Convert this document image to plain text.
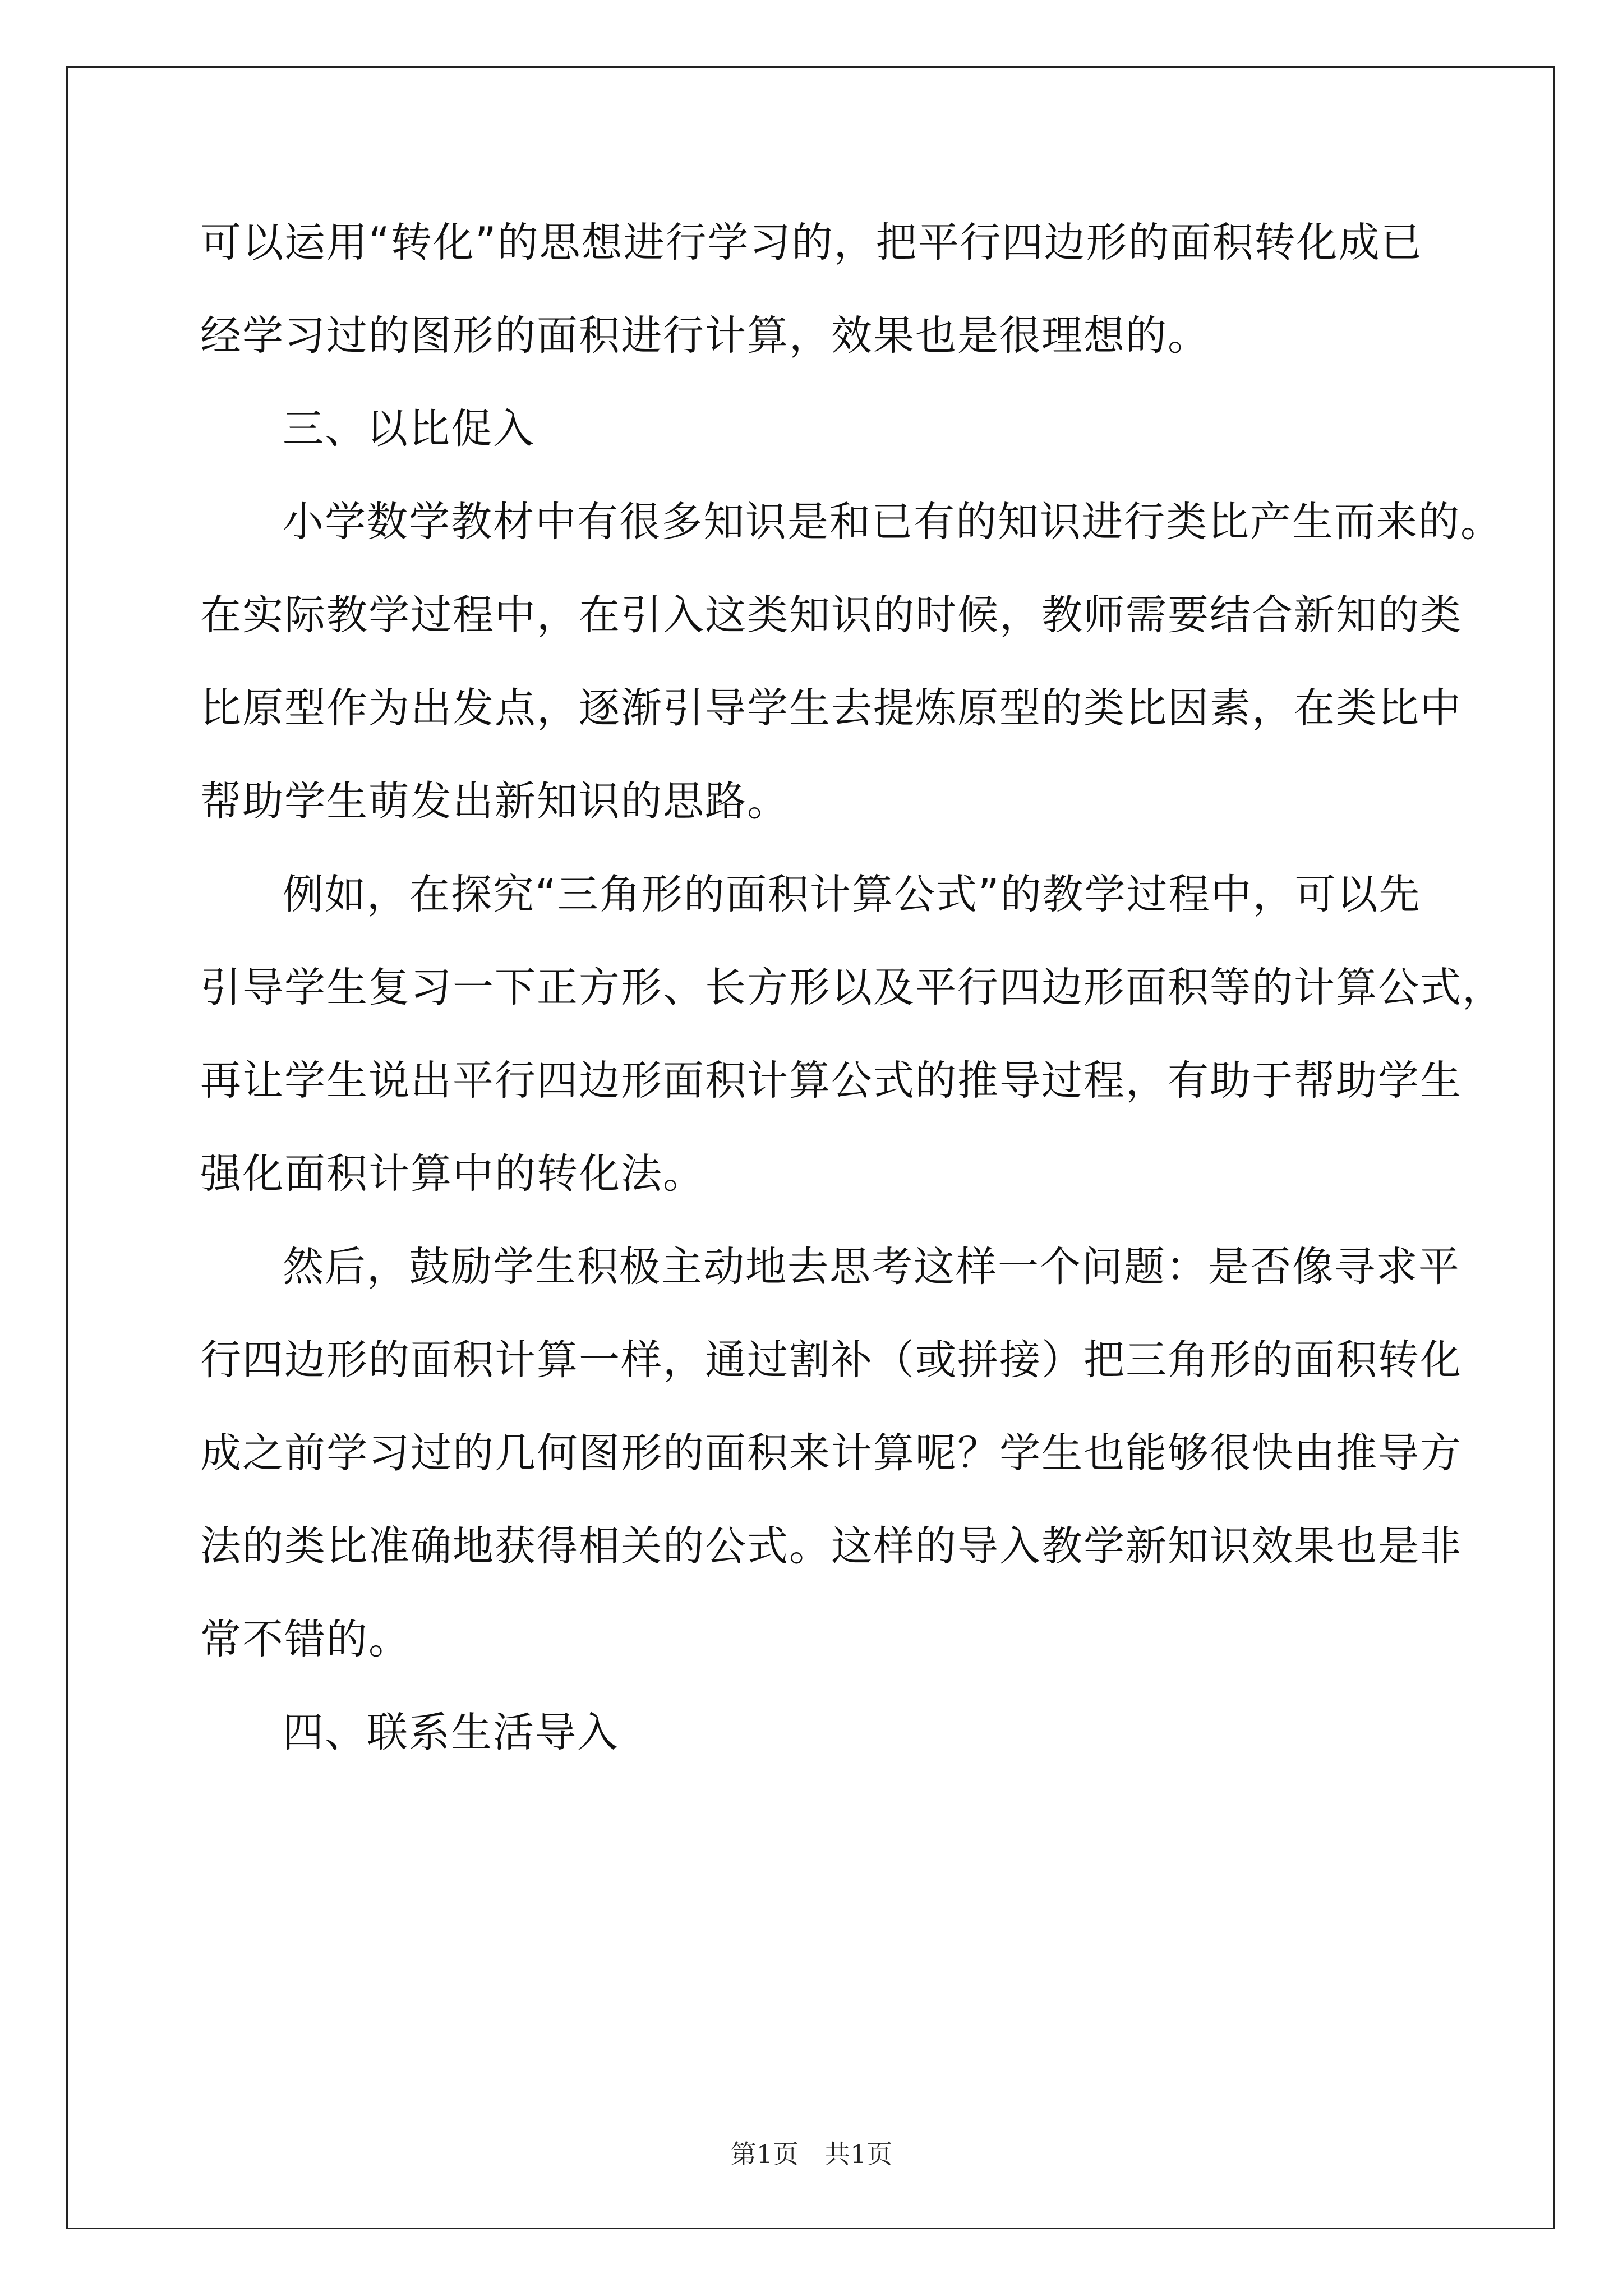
可以运用“转化”的思想进行学习的，把平行四边形的面积转化成已
经学习过的图形的面积进行计算，效果也是很理想的。
三、以比促入
小学数学教材中有很多知识是和已有的知识进行类比产生而来的。
在实际教学过程中，在引入这类知识的时候，教师需要结合新知的类
比原型作为出发点，逐渐引导学生去提炼原型的类比因素，在类比中
帮助学生萌发出新知识的思路。
例如，在探究“三角形的面积计算公式”的教学过程中，可以先
引导学生复习一下正方形、长方形以及平行四边形面积等的计算公式，
再让学生说出平行四边形面积计算公式的推导过程，有助于帮助学生
强化面积计算中的转化法。
然后，鼓励学生积极主动地去思考这样一个问题：是否像寻求平
行四边形的面积计算一样，通过割补（或拼接）把三角形的面积转化
成之前学习过的几何图形的面积来计算呢？学生也能够很快由推导方
法的类比准确地获得相关的公式。这样的导入教学新知识效果也是非
常不错的。
四、联系生活导入
第1页　共1页
